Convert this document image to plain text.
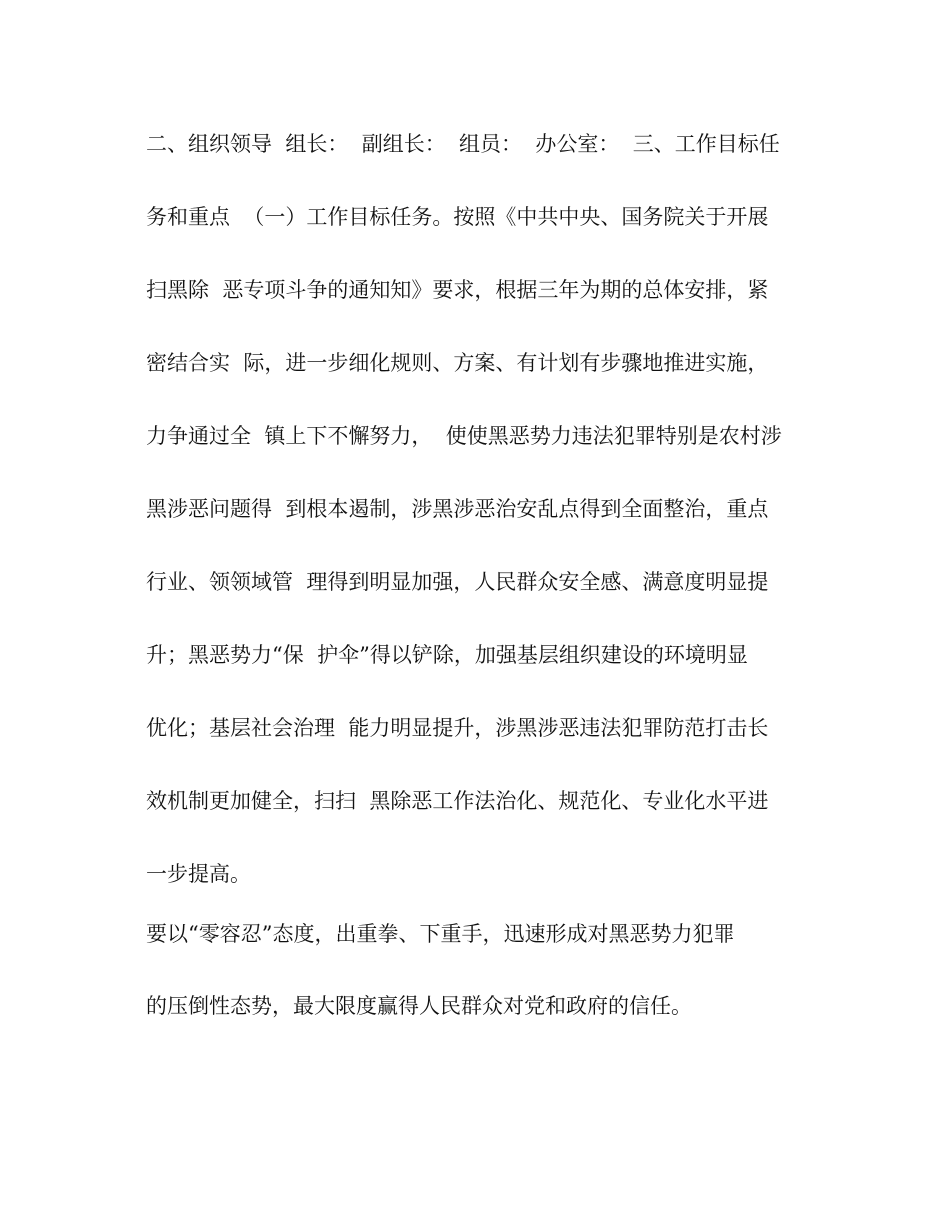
二、组织领导  组长：  副组长：  组员：  办公室：  三、工作目标任
务和重点  （一）工作目标任务。按照《中共中央、国务院关于开展
扫黑除  恶专项斗争的通知知》要求，根据三年为期的总体安排，紧
密结合实  际，进一步细化规则、方案、有计划有步骤地推进实施，
力争通过全  镇上下不懈努力，  使使黑恶势力违法犯罪特别是农村涉
黑涉恶问题得  到根本遏制，涉黑涉恶治安乱点得到全面整治，重点
行业、领领域管  理得到明显加强，人民群众安全感、满意度明显提
升；黑恶势力“保  护伞”得以铲除，加强基层组织建设的环境明显
优化；基层社会治理  能力明显提升，涉黑涉恶违法犯罪防范打击长
效机制更加健全，扫扫  黑除恶工作法治化、规范化、专业化水平进
一步提高。
要以“零容忍”态度，出重拳、下重手，迅速形成对黑恶势力犯罪
的压倒性态势，最大限度赢得人民群众对党和政府的信任。
